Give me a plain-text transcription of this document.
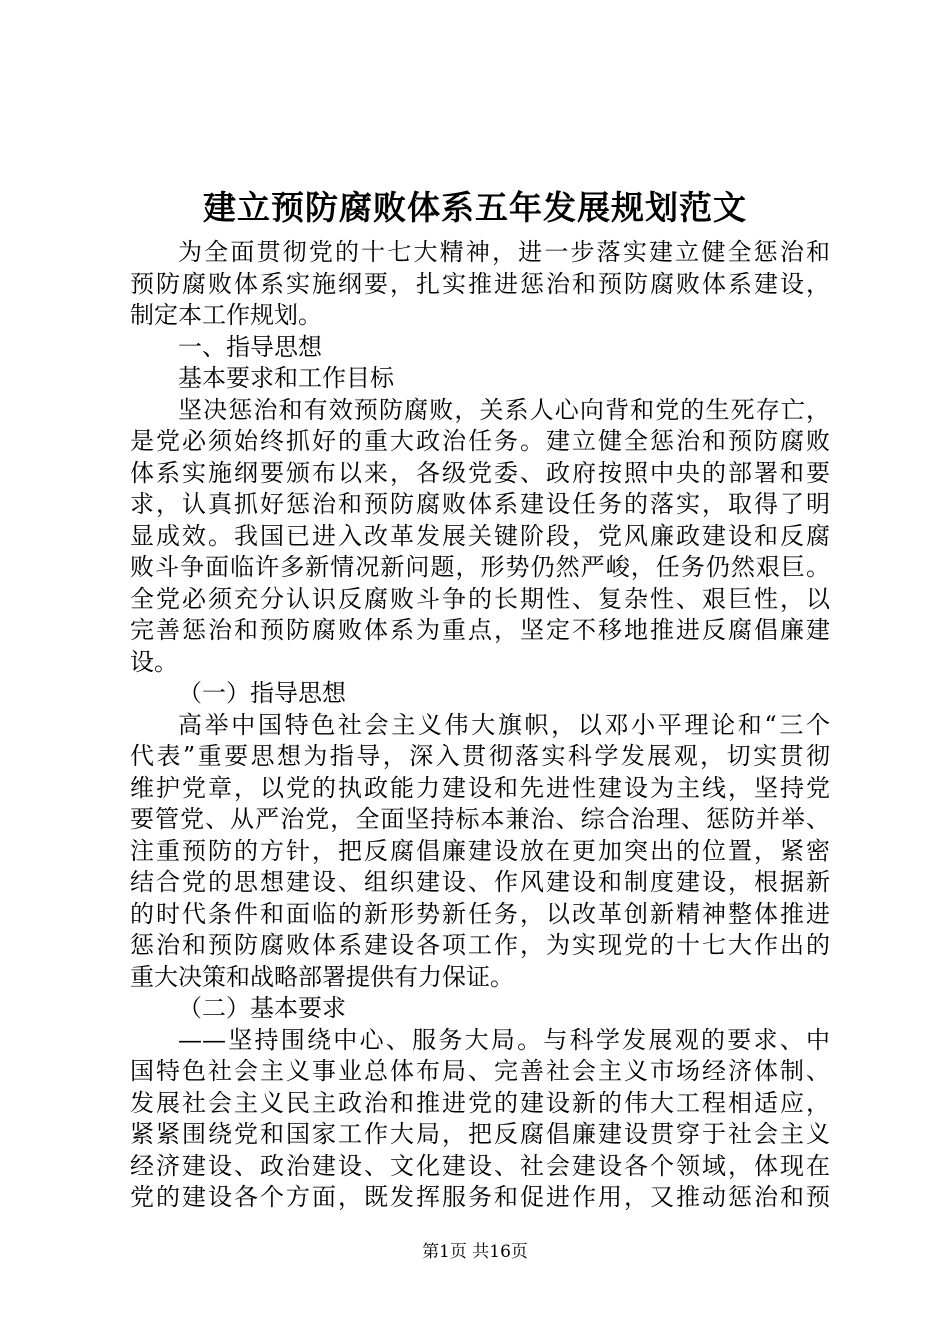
建立预防腐败体系五年发展规划范文
为全面贯彻党的十七大精神，进一步落实建立健全惩治和
预防腐败体系实施纲要，扎实推进惩治和预防腐败体系建设，
制定本工作规划。
一、指导思想
基本要求和工作目标
坚决惩治和有效预防腐败，关系人心向背和党的生死存亡，
是党必须始终抓好的重大政治任务。建立健全惩治和预防腐败
体系实施纲要颁布以来，各级党委、政府按照中央的部署和要
求，认真抓好惩治和预防腐败体系建设任务的落实，取得了明
显成效。我国已进入改革发展关键阶段，党风廉政建设和反腐
败斗争面临许多新情况新问题，形势仍然严峻，任务仍然艰巨。
全党必须充分认识反腐败斗争的长期性、复杂性、艰巨性，以
完善惩治和预防腐败体系为重点，坚定不移地推进反腐倡廉建
设。
（一）指导思想
高举中国特色社会主义伟大旗帜，以邓小平理论和“三个
代表”重要思想为指导，深入贯彻落实科学发展观，切实贯彻
维护党章，以党的执政能力建设和先进性建设为主线，坚持党
要管党、从严治党，全面坚持标本兼治、综合治理、惩防并举、
注重预防的方针，把反腐倡廉建设放在更加突出的位置，紧密
结合党的思想建设、组织建设、作风建设和制度建设，根据新
的时代条件和面临的新形势新任务，以改革创新精神整体推进
惩治和预防腐败体系建设各项工作，为实现党的十七大作出的
重大决策和战略部署提供有力保证。
（二）基本要求
——坚持围绕中心、服务大局。与科学发展观的要求、中
国特色社会主义事业总体布局、完善社会主义市场经济体制、
发展社会主义民主政治和推进党的建设新的伟大工程相适应，
紧紧围绕党和国家工作大局，把反腐倡廉建设贯穿于社会主义
经济建设、政治建设、文化建设、社会建设各个领域，体现在
党的建设各个方面，既发挥服务和促进作用，又推动惩治和预
第1页 共16页
